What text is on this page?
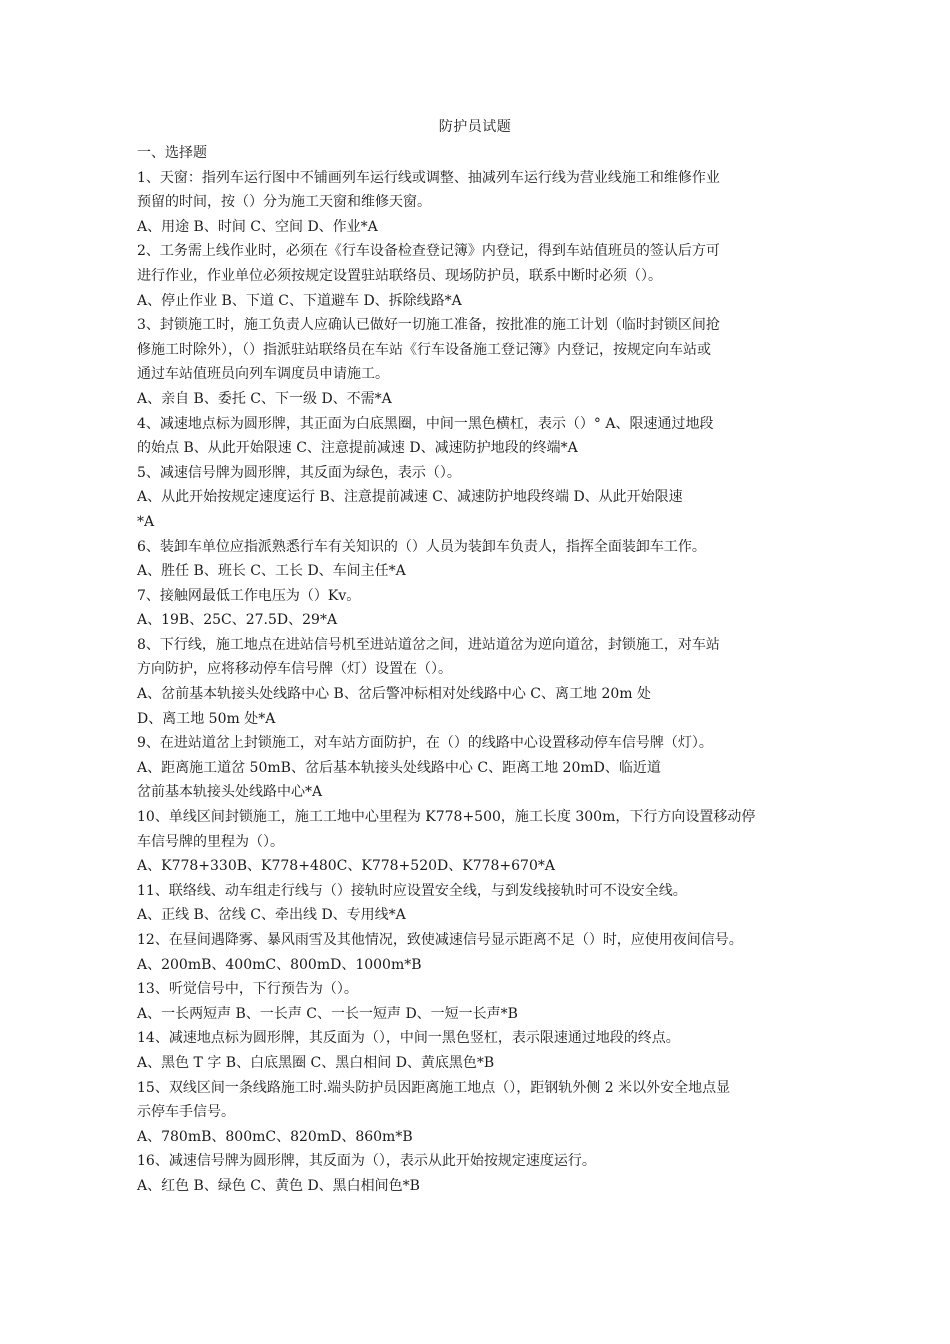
防护员试题
一、选择题
1、天窗：指列车运行图中不铺画列车运行线或调整、抽减列车运行线为营业线施工和维修作业
预留的时间，按（）分为施工天窗和维修天窗。
A、用途 B、时间 C、空间 D、作业*A
2、工务需上线作业时，必须在《行车设备检查登记簿》内登记，得到车站值班员的签认后方可
进行作业，作业单位必须按规定设置驻站联络员、现场防护员，联系中断时必须（）。
A、停止作业 B、下道 C、下道避车 D、拆除线路*A
3、封锁施工时，施工负责人应确认已做好一切施工准备，按批准的施工计划（临时封锁区间抢
修施工时除外），（）指派驻站联络员在车站《行车设备施工登记簿》内登记，按规定向车站或
通过车站值班员向列车调度员申请施工。
A、亲自 B、委托 C、下一级 D、不需*A
4、减速地点标为圆形牌，其正面为白底黑圈，中间一黑色横杠，表示（）° A、限速通过地段
的始点 B、从此开始限速 C、注意提前减速 D、减速防护地段的终端*A
5、减速信号牌为圆形牌，其反面为绿色，表示（）。
A、从此开始按规定速度运行 B、注意提前减速 C、减速防护地段终端 D、从此开始限速
*A
6、装卸车单位应指派熟悉行车有关知识的（）人员为装卸车负责人，指挥全面装卸车工作。
A、胜任 B、班长 C、工长 D、车间主任*A
7、接触网最低工作电压为（）Kv。
A、19B、25C、27.5D、29*A
8、下行线，施工地点在进站信号机至进站道岔之间，进站道岔为逆向道岔，封锁施工，对车站
方向防护，应将移动停车信号牌（灯）设置在（）。
A、岔前基本轨接头处线路中心 B、岔后警冲标相对处线路中心 C、离工地 20m 处
D、离工地 50m 处*A
9、在进站道岔上封锁施工，对车站方面防护，在（）的线路中心设置移动停车信号牌（灯）。
A、距离施工道岔 50mB、岔后基本轨接头处线路中心 C、距离工地 20mD、临近道
岔前基本轨接头处线路中心*A
10、单线区间封锁施工，施工工地中心里程为 K778+500，施工长度 300m，下行方向设置移动停
车信号牌的里程为（）。
A、K778+330B、K778+480C、K778+520D、K778+670*A
11、联络线、动车组走行线与（）接轨时应设置安全线，与到发线接轨时可不设安全线。
A、正线 B、岔线 C、牵出线 D、专用线*A
12、在昼间遇降雾、暴风雨雪及其他情况，致使减速信号显示距离不足（）时，应使用夜间信号。
A、200mB、400mC、800mD、1000m*B
13、听觉信号中，下行预告为（）。
A、一长两短声 B、一长声 C、一长一短声 D、一短一长声*B
14、减速地点标为圆形牌，其反面为（），中间一黑色竖杠，表示限速通过地段的终点。
A、黑色 T 字 B、白底黑圈 C、黑白相间 D、黄底黑色*B
15、双线区间一条线路施工时.端头防护员因距离施工地点（），距钢轨外侧 2 米以外安全地点显
示停车手信号。
A、780mB、800mC、820mD、860m*B
16、减速信号牌为圆形牌，其反面为（），表示从此开始按规定速度运行。
A、红色 B、绿色 C、黄色 D、黑白相间色*B
